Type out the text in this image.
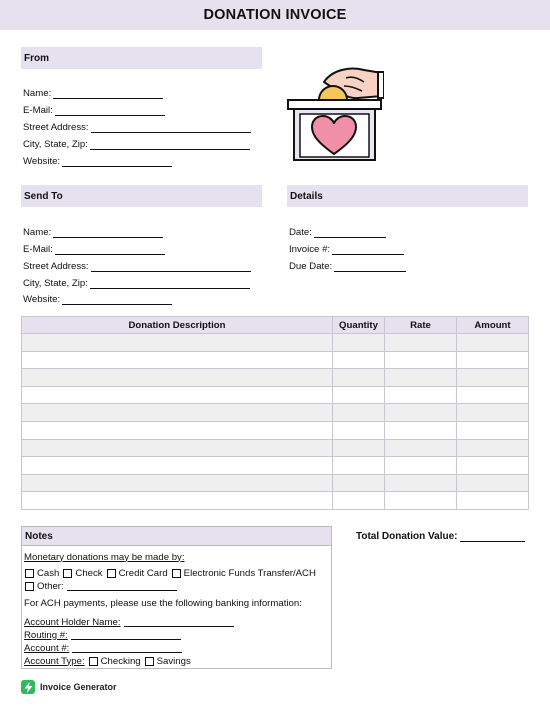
DONATION INVOICE
From
Name:
E-Mail:
Street Address:
City, State, Zip:
Website:
Send To
Name:
E-Mail:
Street Address:
City, State, Zip:
Website:
Details
Date:
Invoice #:
Due Date:
Donation Description	Quantity	Rate	Amount

Notes
Monetary donations may be made by:
Cash Check Credit Card Electronic Funds Transfer/ACH
Other:
For ACH payments, please use the following banking information:
Account Holder Name:
Routing #:
Account #:
Account Type: Checking Savings
Total Donation Value:
Invoice Generator
